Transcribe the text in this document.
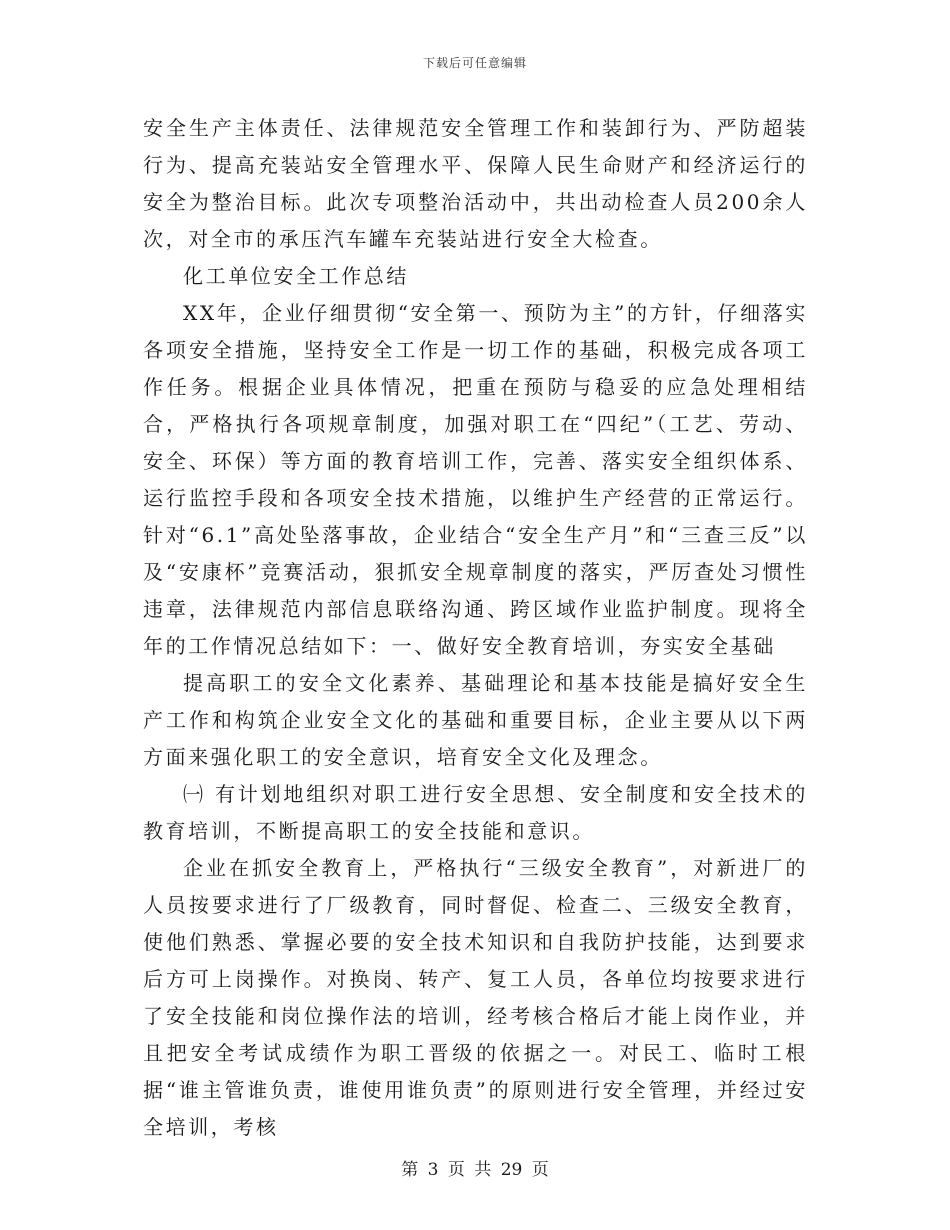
下载后可任意编辑

安全生产主体责任、法律规范安全管理工作和装卸行为、严防超装行为、提高充装站安全管理水平、保障人民生命财产和经济运行的安全为整治目标。此次专项整治活动中，共出动检查人员200余人次，对全市的承压汽车罐车充装站进行安全大检查。

化工单位安全工作总结

XX年，企业仔细贯彻“安全第一、预防为主”的方针，仔细落实各项安全措施，坚持安全工作是一切工作的基础，积极完成各项工作任务。根据企业具体情况，把重在预防与稳妥的应急处理相结合，严格执行各项规章制度，加强对职工在“四纪”（工艺、劳动、安全、环保）等方面的教育培训工作，完善、落实安全组织体系、运行监控手段和各项安全技术措施，以维护生产经营的正常运行。针对“6.1”高处坠落事故，企业结合“安全生产月”和“三查三反”以及“安康杯”竞赛活动，狠抓安全规章制度的落实，严厉查处习惯性违章，法律规范内部信息联络沟通、跨区域作业监护制度。现将全年的工作情况总结如下：一、做好安全教育培训，夯实安全基础

提高职工的安全文化素养、基础理论和基本技能是搞好安全生产工作和构筑企业安全文化的基础和重要目标，企业主要从以下两方面来强化职工的安全意识，培育安全文化及理念。

㈠ 有计划地组织对职工进行安全思想、安全制度和安全技术的教育培训，不断提高职工的安全技能和意识。

企业在抓安全教育上，严格执行“三级安全教育”，对新进厂的人员按要求进行了厂级教育，同时督促、检查二、三级安全教育，使他们熟悉、掌握必要的安全技术知识和自我防护技能，达到要求后方可上岗操作。对换岗、转产、复工人员，各单位均按要求进行了安全技能和岗位操作法的培训，经考核合格后才能上岗作业，并且把安全考试成绩作为职工晋级的依据之一。对民工、临时工根据“谁主管谁负责，谁使用谁负责”的原则进行安全管理，并经过安全培训，考核

第 3 页 共 29 页
